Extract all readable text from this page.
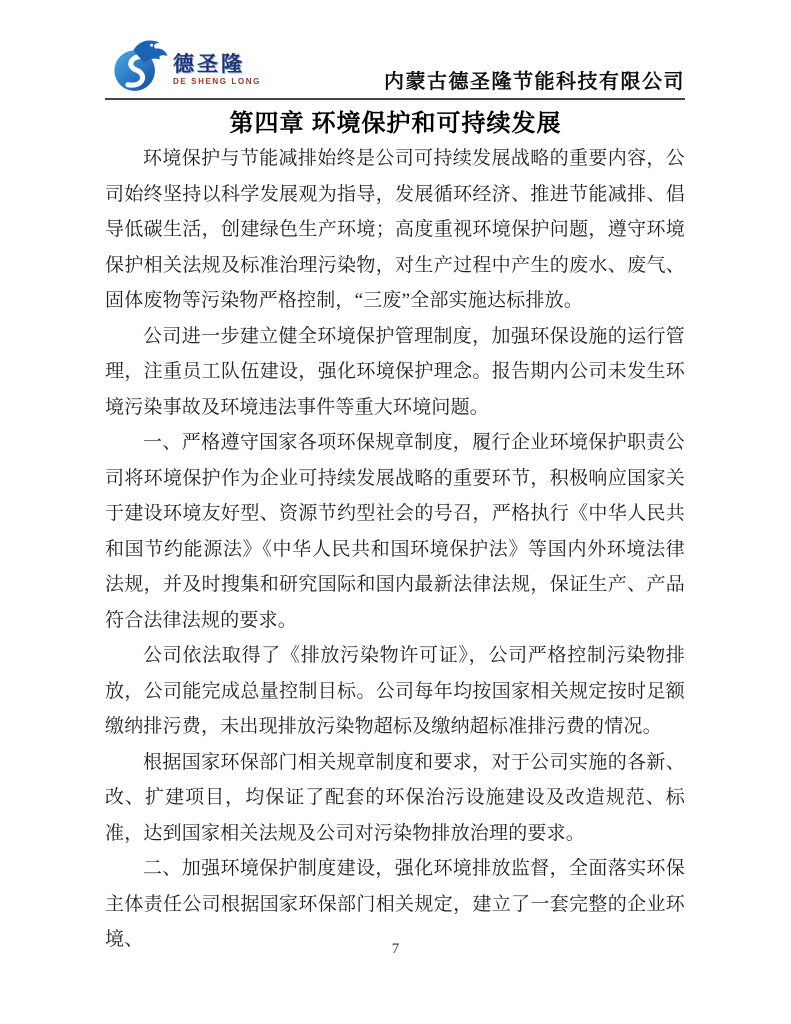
德圣隆
DE SHENG LONG	内蒙古德圣隆节能科技有限公司
第四章 环境保护和可持续发展

环境保护与节能减排始终是公司可持续发展战略的重要内容，公司始终坚持以科学发展观为指导，发展循环经济、推进节能减排、倡导低碳生活，创建绿色生产环境；高度重视环境保护问题，遵守环境保护相关法规及标准治理污染物，对生产过程中产生的废水、废气、固体废物等污染物严格控制，“三废”全部实施达标排放。

公司进一步建立健全环境保护管理制度，加强环保设施的运行管理，注重员工队伍建设，强化环境保护理念。报告期内公司未发生环境污染事故及环境违法事件等重大环境问题。

一、严格遵守国家各项环保规章制度，履行企业环境保护职责公司将环境保护作为企业可持续发展战略的重要环节，积极响应国家关于建设环境友好型、资源节约型社会的号召，严格执行《中华人民共和国节约能源法》《中华人民共和国环境保护法》等国内外环境法律法规，并及时搜集和研究国际和国内最新法律法规，保证生产、产品符合法律法规的要求。

公司依法取得了《排放污染物许可证》，公司严格控制污染物排放，公司能完成总量控制目标。公司每年均按国家相关规定按时足额缴纳排污费，未出现排放污染物超标及缴纳超标准排污费的情况。

根据国家环保部门相关规章制度和要求，对于公司实施的各新、改、扩建项目，均保证了配套的环保治污设施建设及改造规范、标准，达到国家相关法规及公司对污染物排放治理的要求。

二、加强环境保护制度建设，强化环境排放监督，全面落实环保主体责任公司根据国家环保部门相关规定，建立了一套完整的企业环境、	7
